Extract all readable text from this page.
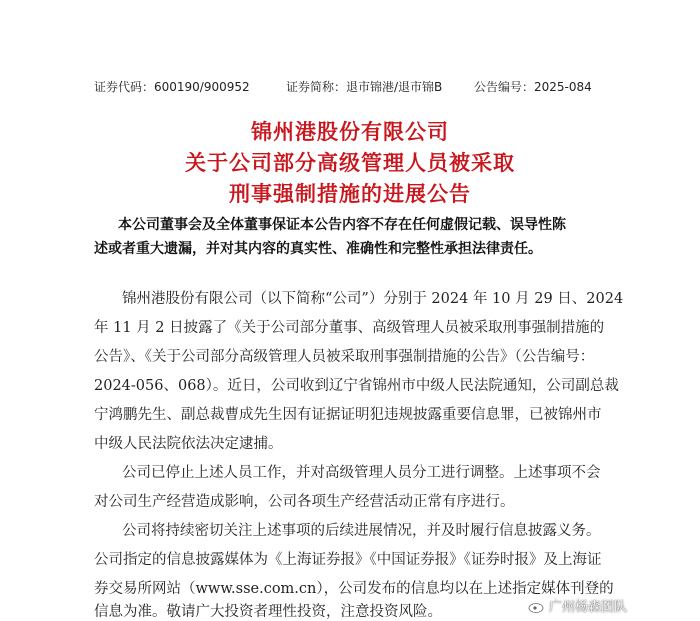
证券代码：600190/900952	证券简称：退市锦港/退市锦B	公告编号：2025-084
锦州港股份有限公司
关于公司部分高级管理人员被采取
刑事强制措施的进展公告
本公司董事会及全体董事保证本公告内容不存在任何虚假记载、误导性陈
述或者重大遗漏，并对其内容的真实性、准确性和完整性承担法律责任。
锦州港股份有限公司（以下简称“公司”）分别于 2024 年 10 月 29 日、2024
年 11 月 2 日披露了《关于公司部分董事、高级管理人员被采取刑事强制措施的
公告》、《关于公司部分高级管理人员被采取刑事强制措施的公告》（公告编号：
2024-056、068）。近日，公司收到辽宁省锦州市中级人民法院通知，公司副总裁
宁鸿鹏先生、副总裁曹成先生因有证据证明犯违规披露重要信息罪，已被锦州市
中级人民法院依法决定逮捕。
公司已停止上述人员工作，并对高级管理人员分工进行调整。上述事项不会
对公司生产经营造成影响，公司各项生产经营活动正常有序进行。
公司将持续密切关注上述事项的后续进展情况，并及时履行信息披露义务。
公司指定的信息披露媒体为《上海证券报》《中国证券报》《证券时报》及上海证
券交易所网站（www.sse.com.cn），公司发布的信息均以在上述指定媒体刊登的
信息为准。敬请广大投资者理性投资，注意投资风险。	广州杨森团队
